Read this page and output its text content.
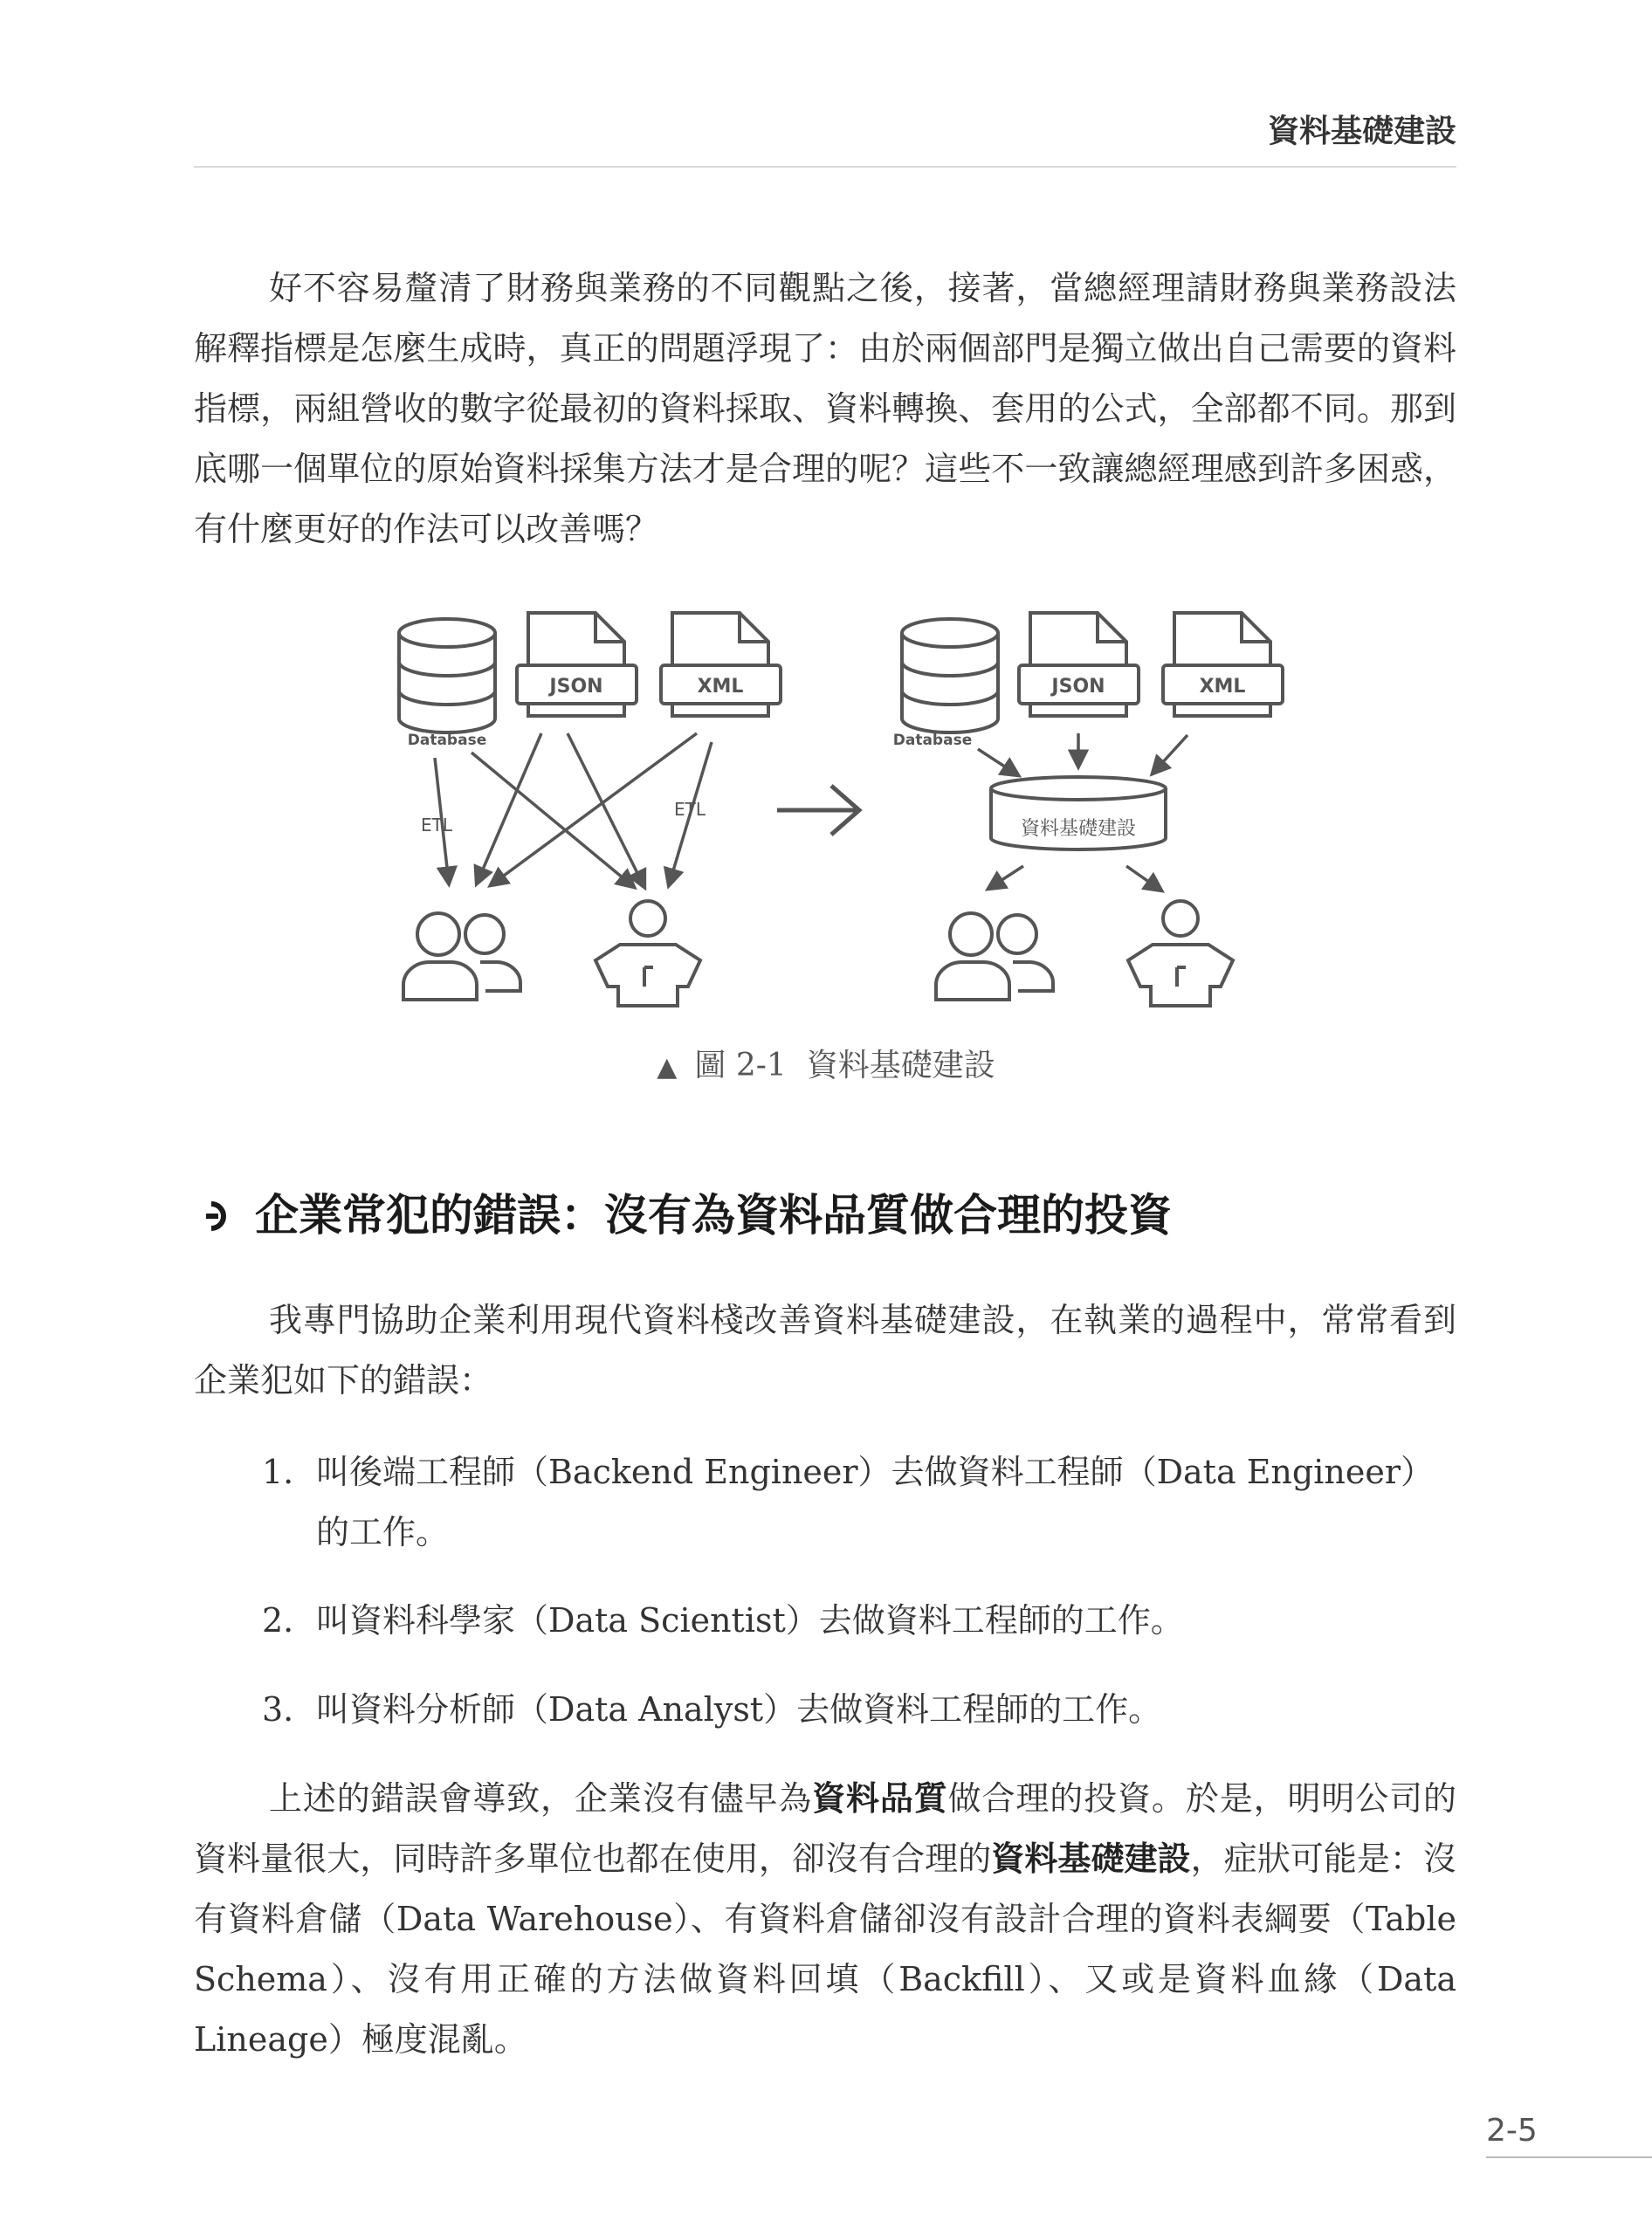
資料基礎建設

好不容易釐清了財務與業務的不同觀點之後，接著，當總經理請財務與業務設法解釋指標是怎麼生成時，真正的問題浮現了：由於兩個部門是獨立做出自己需要的資料指標，兩組營收的數字從最初的資料採取、資料轉換、套用的公式，全部都不同。那到底哪一個單位的原始資料採集方法才是合理的呢？這些不一致讓總經理感到許多困惑，有什麼更好的作法可以改善嗎？

Database
JSON	XML
ETL
ETL
Database
JSON	XML
資料基礎建設
▲ 圖 2-1 資料基礎建設
企業常犯的錯誤：沒有為資料品質做合理的投資

我專門協助企業利用現代資料棧改善資料基礎建設，在執業的過程中，常常看到企業犯如下的錯誤：

1. 叫後端工程師（Backend Engineer）去做資料工程師（Data Engineer）的工作。
2. 叫資料科學家（Data Scientist）去做資料工程師的工作。
3. 叫資料分析師（Data Analyst）去做資料工程師的工作。

上述的錯誤會導致，企業沒有儘早為資料品質做合理的投資。於是，明明公司的資料量很大，同時許多單位也都在使用，卻沒有合理的資料基礎建設，症狀可能是：沒有資料倉儲（Data Warehouse）、有資料倉儲卻沒有設計合理的資料表綱要（Table Schema）、沒有用正確的方法做資料回填（Backfill）、又或是資料血緣（Data Lineage）極度混亂。

2-5
